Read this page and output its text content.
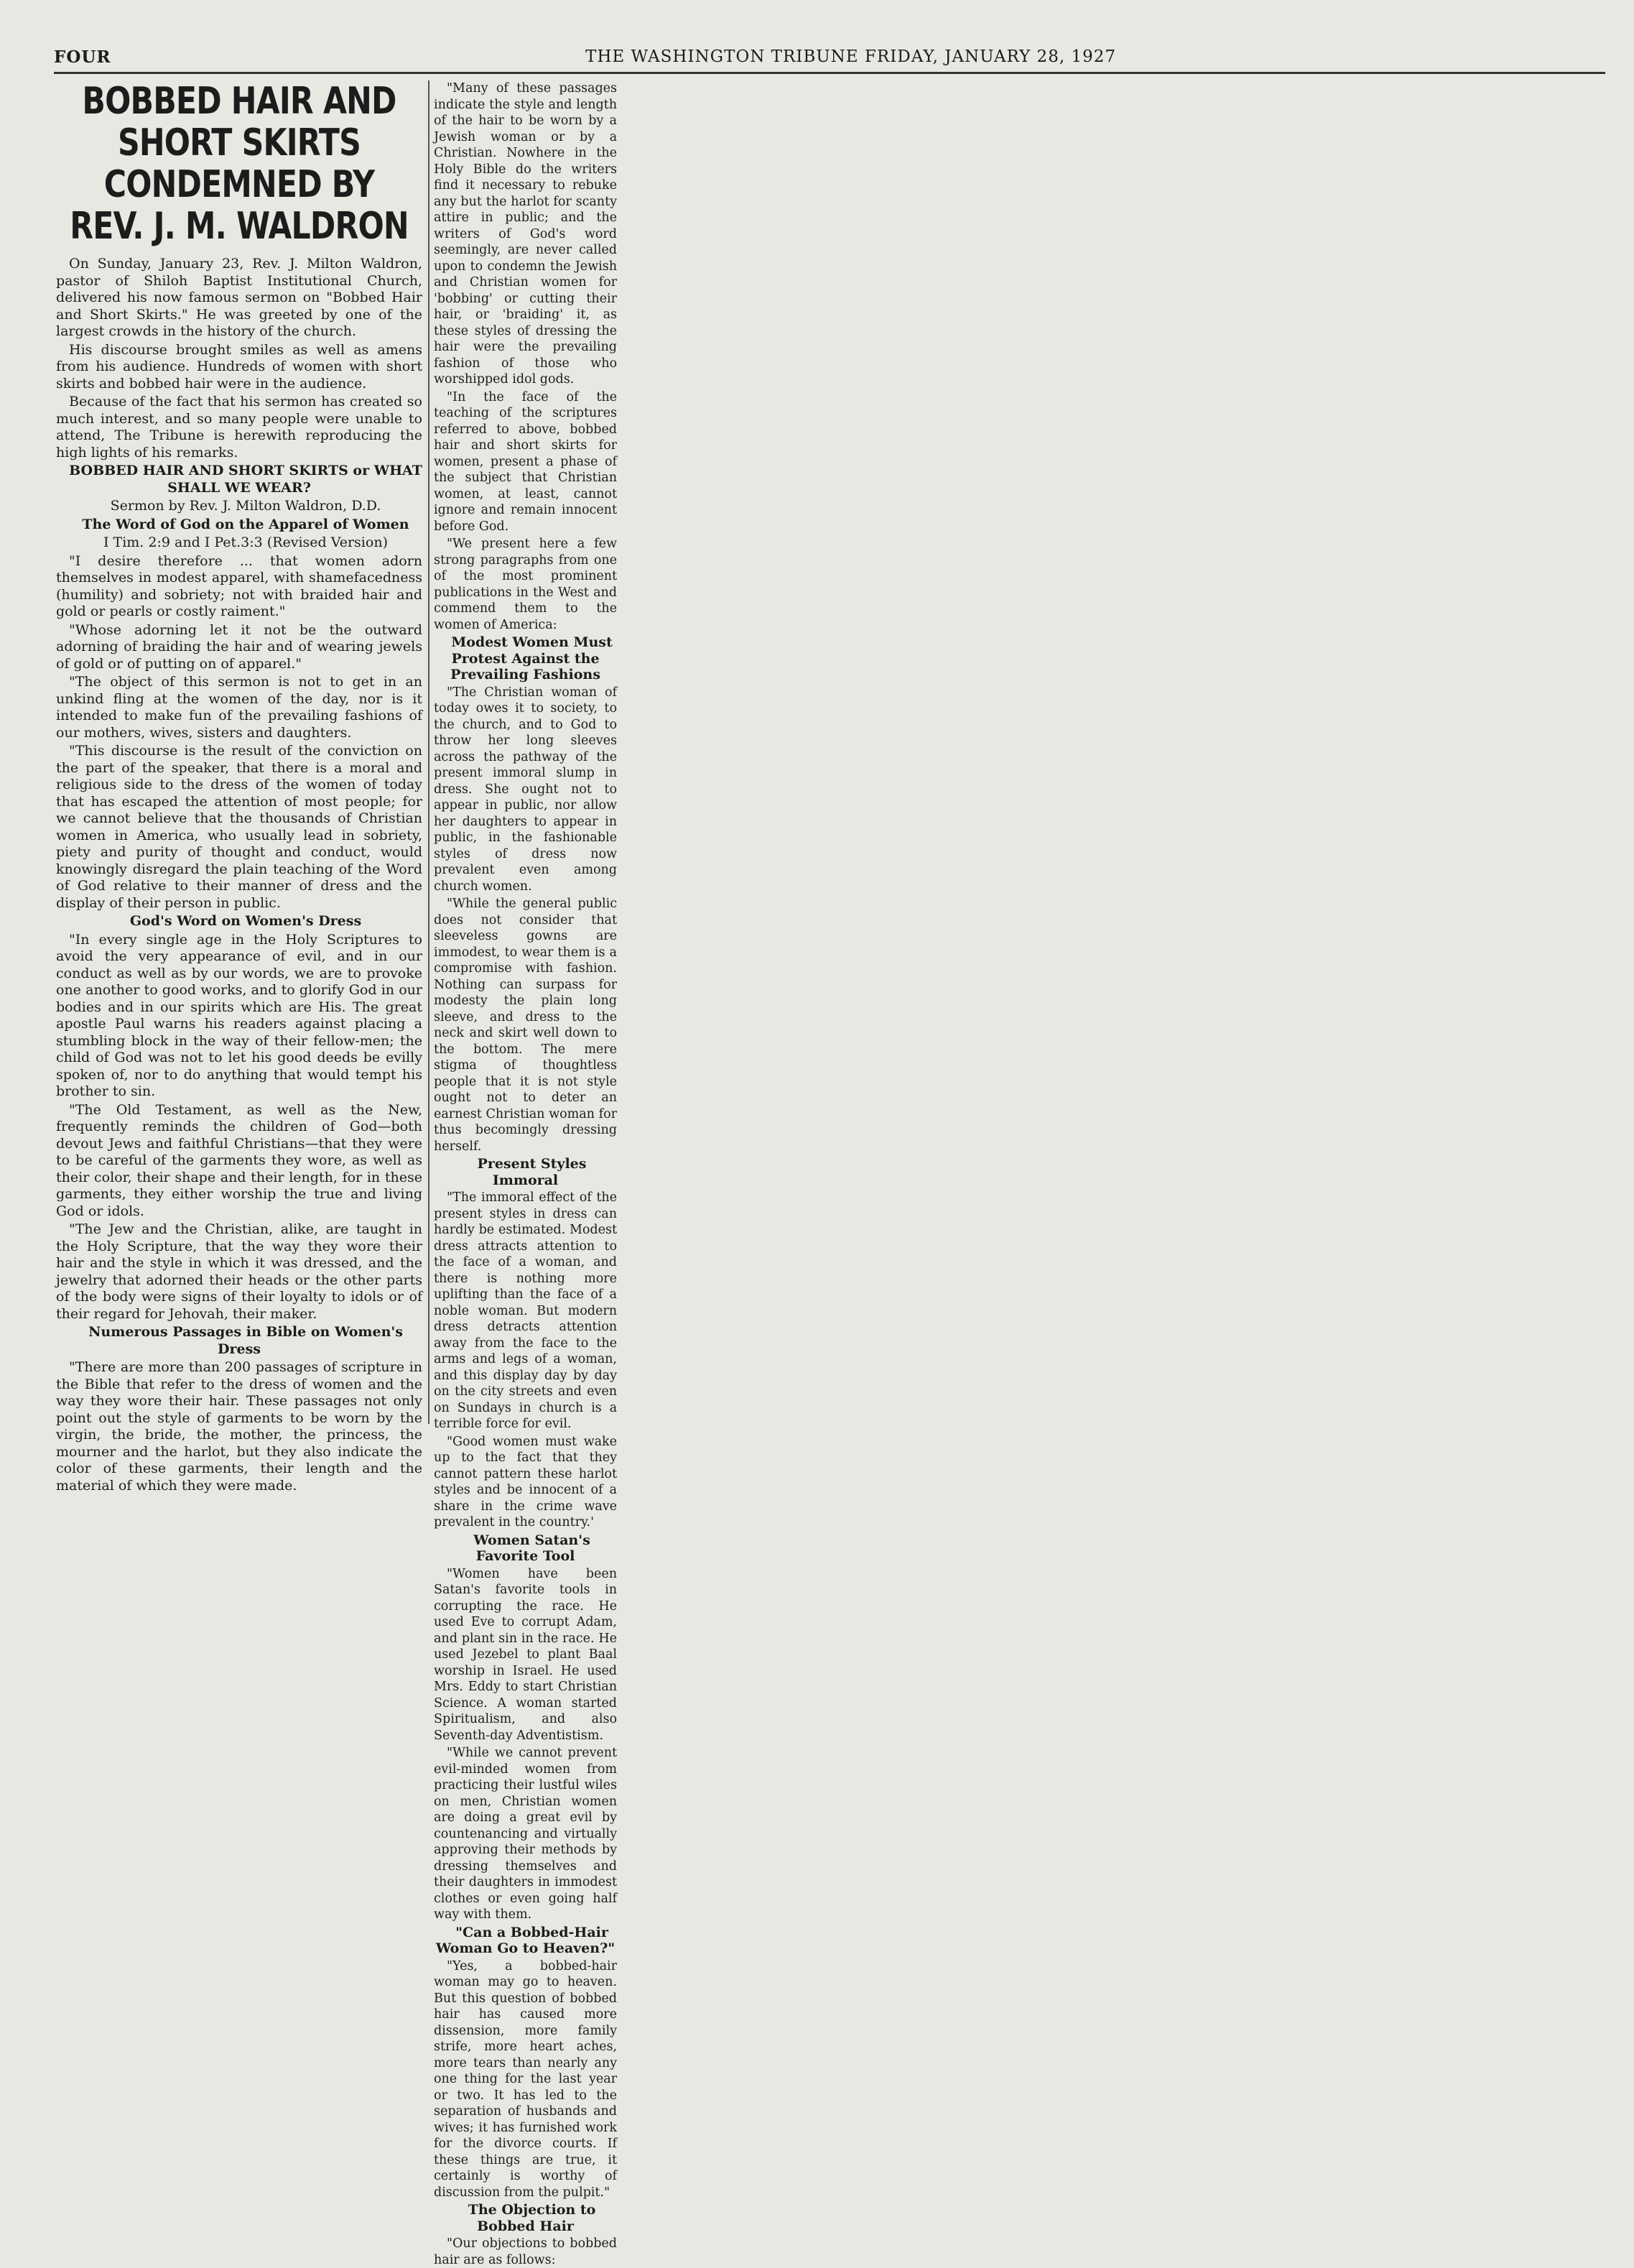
FOUR	THE WASHINGTON TRIBUNE FRIDAY, JANUARY 28, 1927
BOBBED HAIR AND SHORT SKIRTS CONDEMNED BY REV. J. M. WALDRON

On Sunday, January 23, Rev. J. Milton Waldron, pastor of Shiloh Baptist Institutional Church, delivered his now famous sermon on "Bobbed Hair and Short Skirts." He was greeted by one of the largest crowds in the history of the church.

His discourse brought smiles as well as amens from his audience. Hundreds of women with short skirts and bobbed hair were in the audience.

Because of the fact that his sermon has created so much interest, and so many people were unable to attend, The Tribune is herewith reproducing the high lights of his remarks.

BOBBED HAIR AND SHORT SKIRTS or WHAT SHALL WE WEAR?

Sermon by Rev. J. Milton Waldron, D.D.

The Word of God on the Apparel of Women

I Tim. 2:9 and I Pet.3:3 (Revised Version)

"I desire therefore ... that women adorn themselves in modest apparel, with shamefacedness (humility) and sobriety; not with braided hair and gold or pearls or costly raiment."

"Whose adorning let it not be the outward adorning of braiding the hair and of wearing jewels of gold or of putting on of apparel."

"The object of this sermon is not to get in an unkind fling at the women of the day, nor is it intended to make fun of the prevailing fashions of our mothers, wives, sisters and daughters.

"This discourse is the result of the conviction on the part of the speaker, that there is a moral and religious side to the dress of the women of today that has escaped the attention of most people; for we cannot believe that the thousands of Christian women in America, who usually lead in sobriety, piety and purity of thought and conduct, would knowingly disregard the plain teaching of the Word of God relative to their manner of dress and the display of their person in public.

God's Word on Women's Dress

"In every single age in the Holy Scriptures to avoid the very appearance of evil, and in our conduct as well as by our words, we are to provoke one another to good works, and to glorify God in our bodies and in our spirits which are His. The great apostle Paul warns his readers against placing a stumbling block in the way of their fellow-men; the child of God was not to let his good deeds be evilly spoken of, nor to do anything that would tempt his brother to sin.

"The Old Testament, as well as the New, frequently reminds the children of God—both devout Jews and faithful Christians—that they were to be careful of the garments they wore, as well as their color, their shape and their length, for in these garments, they either worship the true and living God or idols.

"The Jew and the Christian, alike, are taught in the Holy Scripture, that the way they wore their hair and the style in which it was dressed, and the jewelry that adorned their heads or the other parts of the body were signs of their loyalty to idols or of their regard for Jehovah, their maker.

Numerous Passages in Bible on Women's Dress

"There are more than 200 passages of scripture in the Bible that refer to the dress of women and the way they wore their hair. These passages not only point out the style of garments to be worn by the virgin, the bride, the mother, the princess, the mourner and the harlot, but they also indicate the color of these garments, their length and the material of which they were made.

"Many of these passages indicate the style and length of the hair to be worn by a Jewish woman or by a Christian. Nowhere in the Holy Bible do the writers find it necessary to rebuke any but the harlot for scanty attire in public; and the writers of God's word seemingly, are never called upon to condemn the Jewish and Christian women for 'bobbing' or cutting their hair, or 'braiding' it, as these styles of dressing the hair were the prevailing fashion of those who worshipped idol gods.

"In the face of the teaching of the scriptures referred to above, bobbed hair and short skirts for women, present a phase of the subject that Christian women, at least, cannot ignore and remain innocent before God.

"We present here a few strong paragraphs from one of the most prominent publications in the West and commend them to the women of America:

Modest Women Must Protest Against the Prevailing Fashions

"The Christian woman of today owes it to society, to the church, and to God to throw her long sleeves across the pathway of the present immoral slump in dress. She ought not to appear in public, nor allow her daughters to appear in public, in the fashionable styles of dress now prevalent even among church women.

"While the general public does not consider that sleeveless gowns are immodest, to wear them is a compromise with fashion. Nothing can surpass for modesty the plain long sleeve, and dress to the neck and skirt well down to the bottom. The mere stigma of thoughtless people that it is not style ought not to deter an earnest Christian woman for thus becomingly dressing herself.

Present Styles Immoral

"The immoral effect of the present styles in dress can hardly be estimated. Modest dress attracts attention to the face of a woman, and there is nothing more uplifting than the face of a noble woman. But modern dress detracts attention away from the face to the arms and legs of a woman, and this display day by day on the city streets and even on Sundays in church is a terrible force for evil.

"Good women must wake up to the fact that they cannot pattern these harlot styles and be innocent of a share in the crime wave prevalent in the country.'

Women Satan's Favorite Tool

"Women have been Satan's favorite tools in corrupting the race. He used Eve to corrupt Adam, and plant sin in the race. He used Jezebel to plant Baal worship in Israel. He used Mrs. Eddy to start Christian Science. A woman started Spiritualism, and also Seventh-day Adventistism.

"While we cannot prevent evil-minded women from practicing their lustful wiles on men, Christian women are doing a great evil by countenancing and virtually approving their methods by dressing themselves and their daughters in immodest clothes or even going half way with them.

"Can a Bobbed-Hair Woman Go to Heaven?"

"Yes, a bobbed-hair woman may go to heaven. But this question of bobbed hair has caused more dissension, more family strife, more heart aches, more tears than nearly any one thing for the last year or two. It has led to the separation of husbands and wives; it has furnished work for the divorce courts. If these things are true, it certainly is worthy of discussion from the pulpit."

The Objection to Bobbed Hair

"Our objections to bobbed hair are as follows:
